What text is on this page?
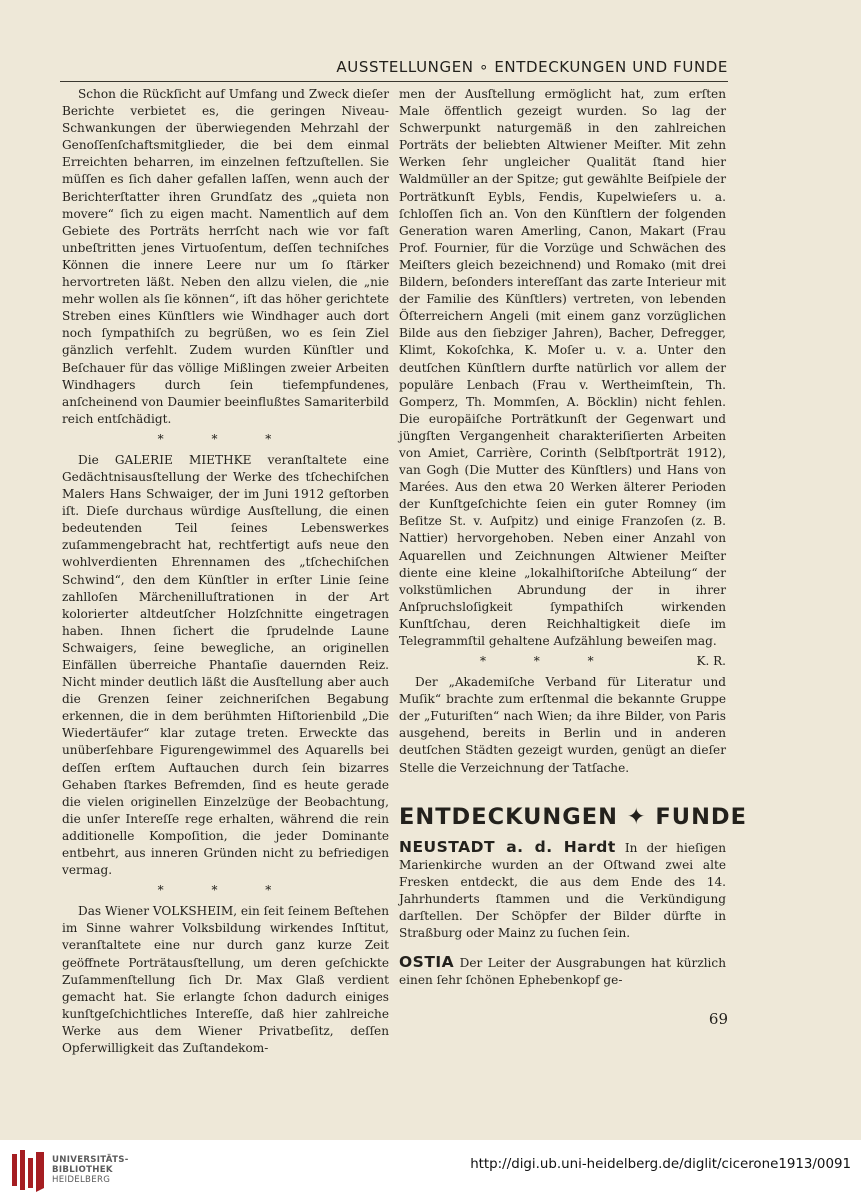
AUSSTELLUNGEN ∘ ENTDECKUNGEN UND FUNDE

Schon die Rückſicht auf Umfang und Zweck dieſer Berichte verbietet es, die geringen Niveau-Schwankungen der überwiegenden Mehrzahl der Genoſſenſchaftsmitglieder, die bei dem einmal Erreichten beharren, im einzelnen feſtzuſtellen. Sie müſſen es ſich daher gefallen laſſen, wenn auch der Berichterſtatter ihren Grundſatz des „quieta non movere“ ſich zu eigen macht. Namentlich auf dem Gebiete des Porträts herrſcht nach wie vor faſt unbeſtritten jenes Virtuoſentum, deſſen techniſches Können die innere Leere nur um ſo ſtärker hervortreten läßt. Neben den allzu vielen, die „nie mehr wollen als ſie können“, iſt das höher gerichtete Streben eines Künſtlers wie Windhager auch dort noch ſympathiſch zu begrüßen, wo es ſein Ziel gänzlich verfehlt. Zudem wurden Künſtler und Beſchauer für das völlige Mißlingen zweier Arbeiten Windhagers durch ſein tiefempfundenes, anſcheinend von Daumier beeinflußtes Samariterbild reich entſchädigt.

* * *

Die GALERIE MIETHKE veranſtaltete eine Gedächtnisausſtellung der Werke des tſchechiſchen Malers Hans Schwaiger, der im Juni 1912 geſtorben iſt. Dieſe durchaus würdige Ausſtellung, die einen bedeutenden Teil ſeines Lebenswerkes zuſammengebracht hat, rechtfertigt aufs neue den wohlverdienten Ehrennamen des „tſchechiſchen Schwind“, den dem Künſtler in erſter Linie ſeine zahlloſen Märchenilluſtrationen in der Art kolorierter altdeutſcher Holzſchnitte eingetragen haben. Ihnen ſichert die ſprudelnde Laune Schwaigers, ſeine bewegliche, an originellen Einfällen überreiche Phantaſie dauernden Reiz. Nicht minder deutlich läßt die Ausſtellung aber auch die Grenzen ſeiner zeichneriſchen Begabung erkennen, die in dem berühmten Hiſtorienbild „Die Wiedertäufer“ klar zutage treten. Erweckte das unüberſehbare Figurengewimmel des Aquarells bei deſſen erſtem Auftauchen durch ſein bizarres Gehaben ſtarkes Befremden, ſind es heute gerade die vielen originellen Einzelzüge der Beobachtung, die unſer Intereſſe rege erhalten, während die rein additionelle Kompoſition, die jeder Dominante entbehrt, aus inneren Gründen nicht zu befriedigen vermag.

* * *

Das Wiener VOLKSHEIM, ein ſeit ſeinem Beſtehen im Sinne wahrer Volksbildung wirkendes Inſtitut, veranſtaltete eine nur durch ganz kurze Zeit geöffnete Porträtausſtellung, um deren geſchickte Zuſammenſtellung ſich Dr. Max Glaß verdient gemacht hat. Sie erlangte ſchon dadurch einiges kunſtgeſchichtliches Intereſſe, daß hier zahlreiche Werke aus dem Wiener Privatbeſitz, deſſen Opferwilligkeit das Zuſtandekom-

men der Ausſtellung ermöglicht hat, zum erſten Male öffentlich gezeigt wurden. So lag der Schwerpunkt naturgemäß in den zahlreichen Porträts der beliebten Altwiener Meiſter. Mit zehn Werken ſehr ungleicher Qualität ſtand hier Waldmüller an der Spitze; gut gewählte Beiſpiele der Porträtkunſt Eybls, Fendis, Kupelwieſers u. a. ſchloſſen ſich an. Von den Künſtlern der folgenden Generation waren Amerling, Canon, Makart (Frau Prof. Fournier, für die Vorzüge und Schwächen des Meiſters gleich bezeichnend) und Romako (mit drei Bildern, beſonders intereſſant das zarte Interieur mit der Familie des Künſtlers) vertreten, von lebenden Öſterreichern Angeli (mit einem ganz vorzüglichen Bilde aus den ſiebziger Jahren), Bacher, Defregger, Klimt, Kokoſchka, K. Moſer u. v. a. Unter den deutſchen Künſtlern durfte natürlich vor allem der populäre Lenbach (Frau v. Wertheimſtein, Th. Gomperz, Th. Mommſen, A. Böcklin) nicht fehlen. Die europäiſche Porträtkunſt der Gegenwart und jüngſten Vergangenheit charakteriſierten Arbeiten von Amiet, Carrière, Corinth (Selbſtporträt 1912), van Gogh (Die Mutter des Künſtlers) und Hans von Marées. Aus den etwa 20 Werken älterer Perioden der Kunſtgeſchichte ſeien ein guter Romney (im Beſitze St. v. Auſpitz) und einige Franzoſen (z. B. Nattier) hervorgehoben. Neben einer Anzahl von Aquarellen und Zeichnungen Altwiener Meiſter diente eine kleine „lokalhiſtoriſche Abteilung“ der volkstümlichen Abrundung der in ihrer Anſpruchsloſigkeit ſympathiſch wirkenden Kunſtſchau, deren Reichhaltigkeit dieſe im Telegrammſtil gehaltene Aufzählung beweiſen mag.

* * *	K. R.

Der „Akademiſche Verband für Literatur und Muſik“ brachte zum erſtenmal die bekannte Gruppe der „Futuriſten“ nach Wien; da ihre Bilder, von Paris ausgehend, bereits in Berlin und in anderen deutſchen Städten gezeigt wurden, genügt an dieſer Stelle die Verzeichnung der Tatſache.

ENTDECKUNGEN ✦ FUNDE

NEUSTADT a. d. Hardt In der hieſigen Marienkirche wurden an der Oſtwand zwei alte Fresken entdeckt, die aus dem Ende des 14. Jahrhunderts ſtammen und die Verkündigung darſtellen. Der Schöpfer der Bilder dürfte in Straßburg oder Mainz zu ſuchen ſein.

OSTIA Der Leiter der Ausgrabungen hat kürzlich einen ſehr ſchönen Ephebenkopf ge-

69
UNIVERSITÄTS-
BIBLIOTHEK
HEIDELBERG
http://digi.ub.uni-heidelberg.de/diglit/cicerone1913/0091
